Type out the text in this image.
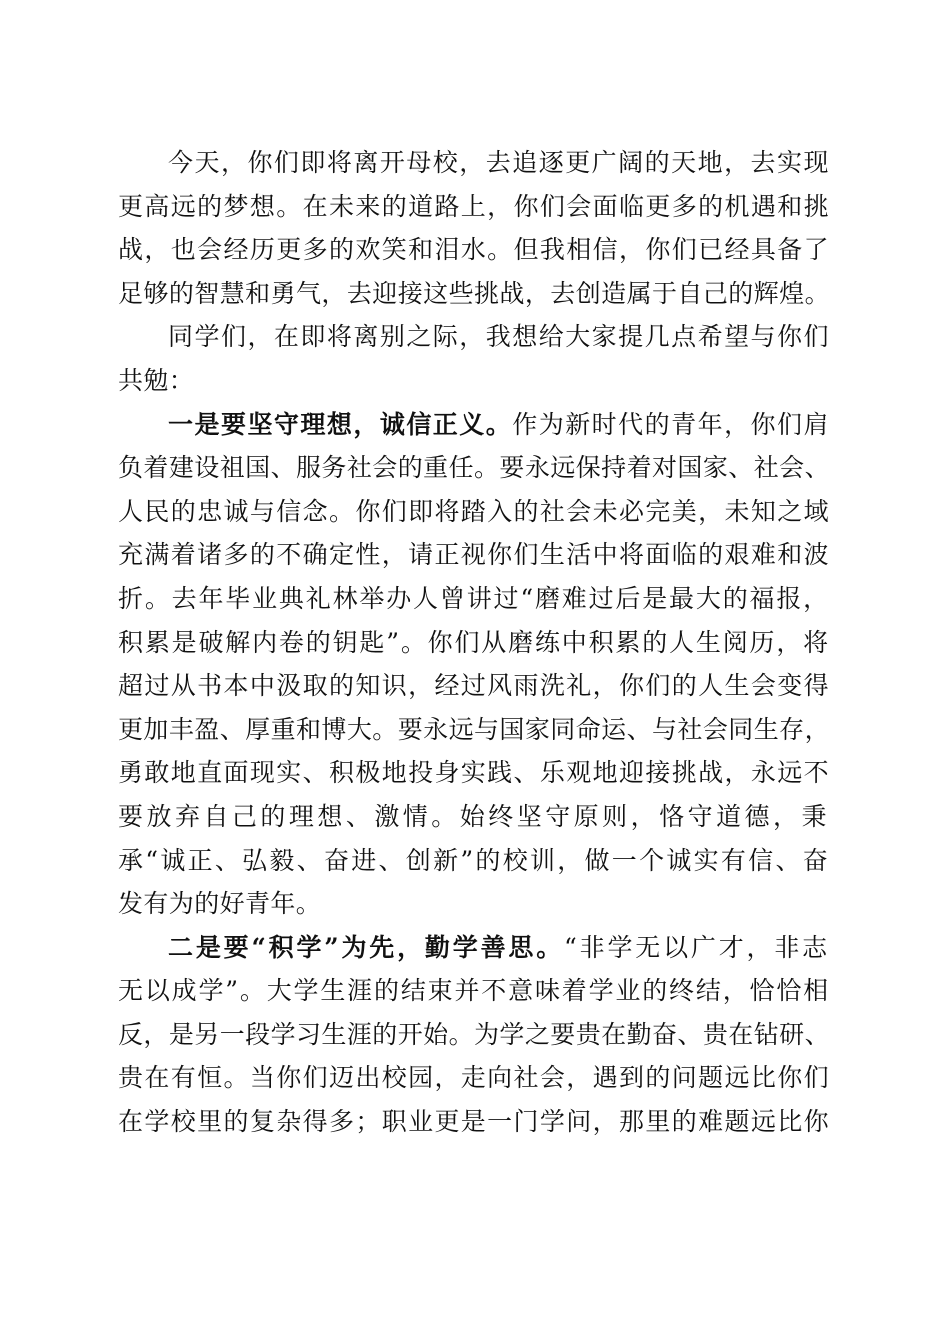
今天，你们即将离开母校，去追逐更广阔的天地，去实现
更高远的梦想。在未来的道路上，你们会面临更多的机遇和挑
战，也会经历更多的欢笑和泪水。但我相信，你们已经具备了
足够的智慧和勇气，去迎接这些挑战，去创造属于自己的辉煌。
同学们，在即将离别之际，我想给大家提几点希望与你们
共勉：
一是要坚守理想，诚信正义。作为新时代的青年，你们肩
负着建设祖国、服务社会的重任。要永远保持着对国家、社会、
人民的忠诚与信念。你们即将踏入的社会未必完美，未知之域
充满着诸多的不确定性，请正视你们生活中将面临的艰难和波
折。去年毕业典礼林举办人曾讲过“磨难过后是最大的福报，
积累是破解内卷的钥匙”。你们从磨练中积累的人生阅历，将
超过从书本中汲取的知识，经过风雨洗礼，你们的人生会变得
更加丰盈、厚重和博大。要永远与国家同命运、与社会同生存，
勇敢地直面现实、积极地投身实践、乐观地迎接挑战，永远不
要放弃自己的理想、激情。始终坚守原则，恪守道德，秉
承“诚正、弘毅、奋进、创新”的校训，做一个诚实有信、奋
发有为的好青年。
二是要“积学”为先，勤学善思。“非学无以广才，非志
无以成学”。大学生涯的结束并不意味着学业的终结，恰恰相
反，是另一段学习生涯的开始。为学之要贵在勤奋、贵在钻研、
贵在有恒。当你们迈出校园，走向社会，遇到的问题远比你们
在学校里的复杂得多；职业更是一门学问，那里的难题远比你
